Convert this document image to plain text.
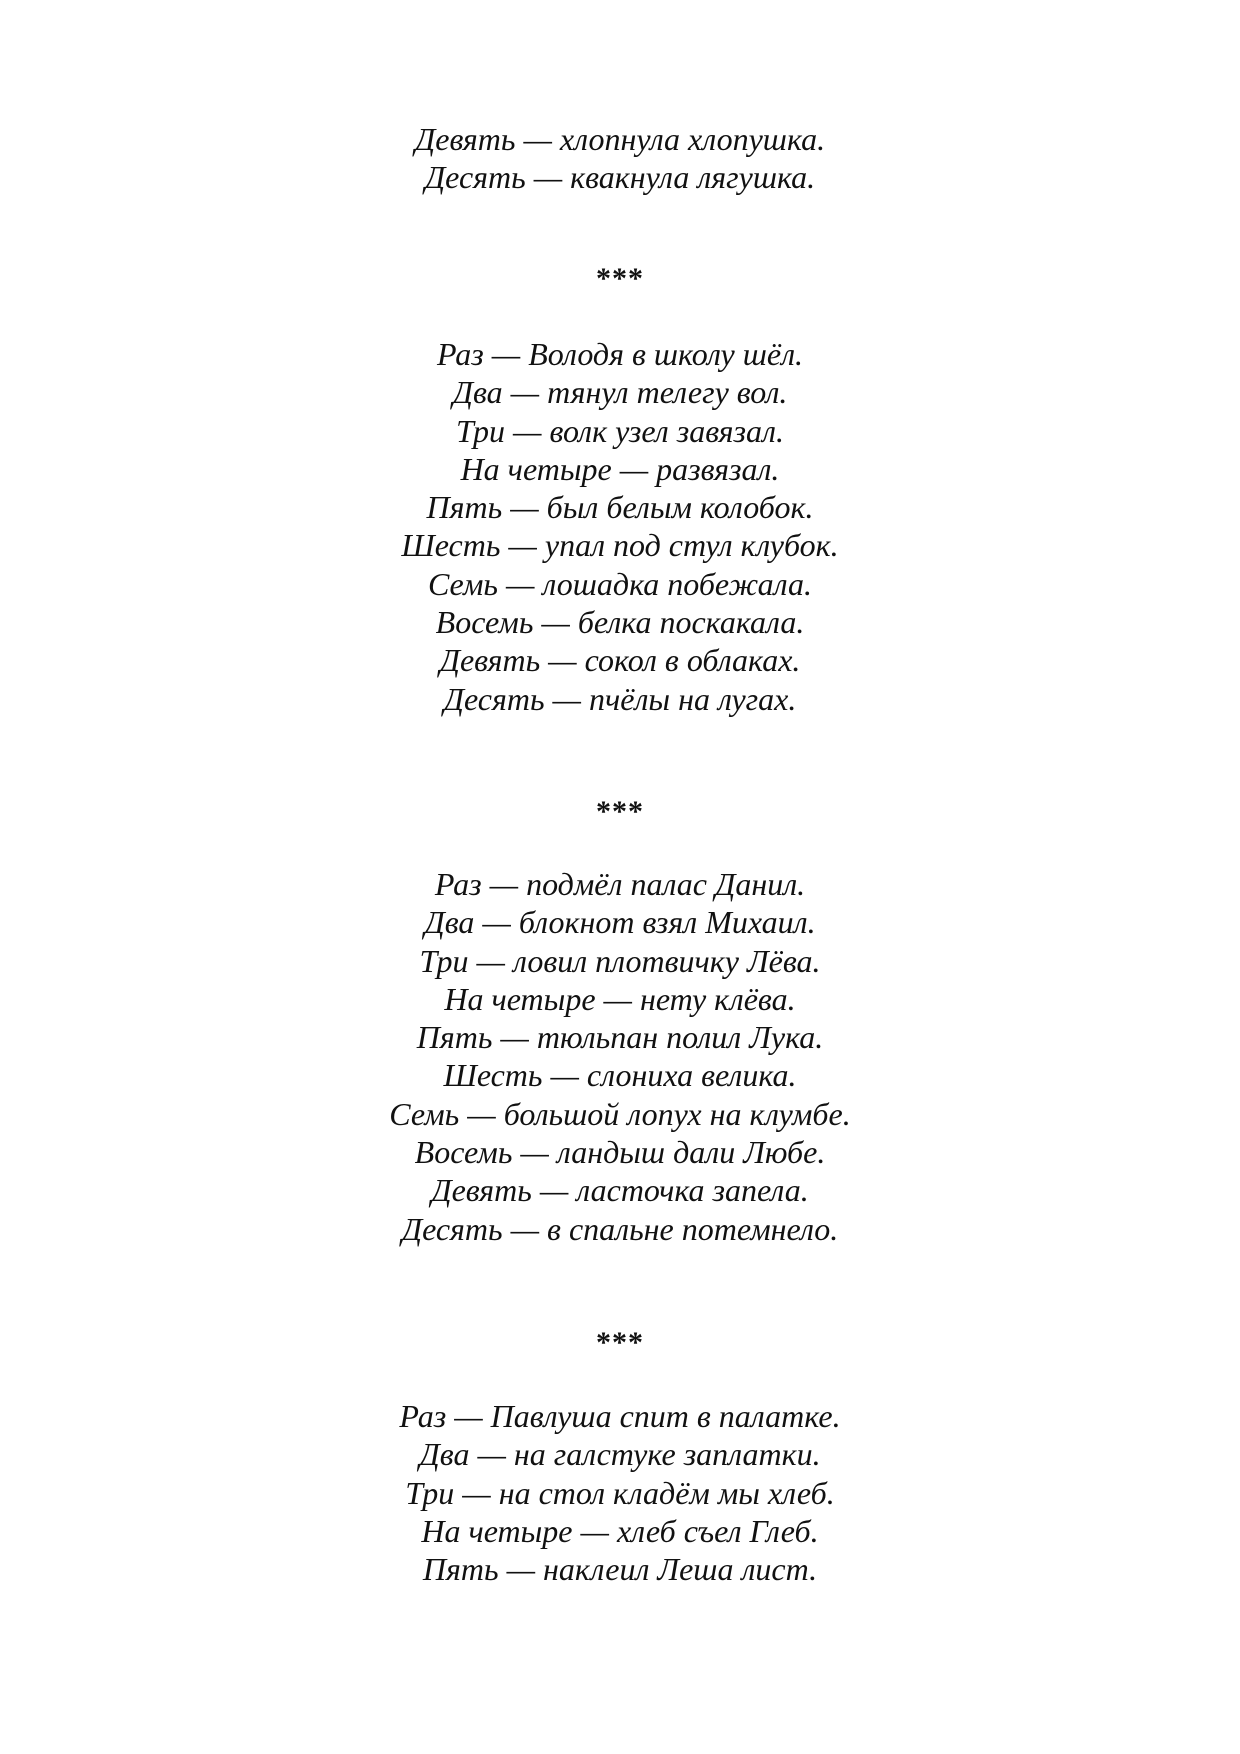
Девять — хлопнула хлопушка.
Десять — квакнула лягушка.
***
Раз — Володя в школу шёл.
Два — тянул телегу вол.
Три — волк узел завязал.
На четыре — развязал.
Пять — был белым колобок.
Шесть — упал под стул клубок.
Семь — лошадка побежала.
Восемь — белка поскакала.
Девять — сокол в облаках.
Десять — пчёлы на лугах.
***
Раз — подмёл палас Данил.
Два — блокнот взял Михаил.
Три — ловил плотвичку Лёва.
На четыре — нету клёва.
Пять — тюльпан полил Лука.
Шесть — слониха велика.
Семь — большой лопух на клумбе.
Восемь — ландыш дали Любе.
Девять — ласточка запела.
Десять — в спальне потемнело.
***
Раз — Павлуша спит в палатке.
Два — на галстуке заплатки.
Три — на стол кладём мы хлеб.
На четыре — хлеб съел Глеб.
Пять — наклеил Леша лист.
